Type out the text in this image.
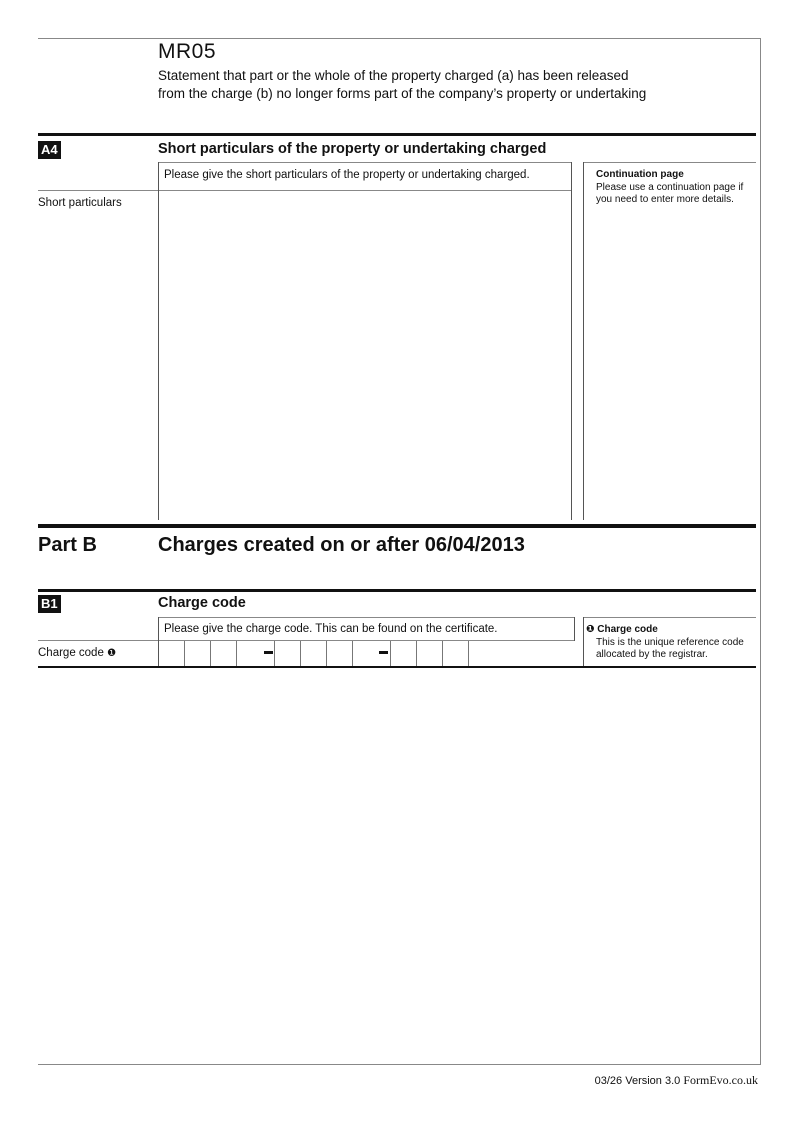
MR05
Statement that part or the whole of the property charged (a) has been released
from the charge (b) no longer forms part of the company’s property or undertaking
A4	Short particulars of the property or undertaking charged
Please give the short particulars of the property or undertaking charged.
Short particulars
Continuation page
Please use a continuation page if
you need to enter more details.
Part B	Charges created on or after 06/04/2013
B1	Charge code
Please give the charge code. This can be found on the certificate.
Charge code ❶
❶ Charge code
This is the unique reference code
allocated by the registrar.
03/26 Version 3.0 FormEvo.co.uk
